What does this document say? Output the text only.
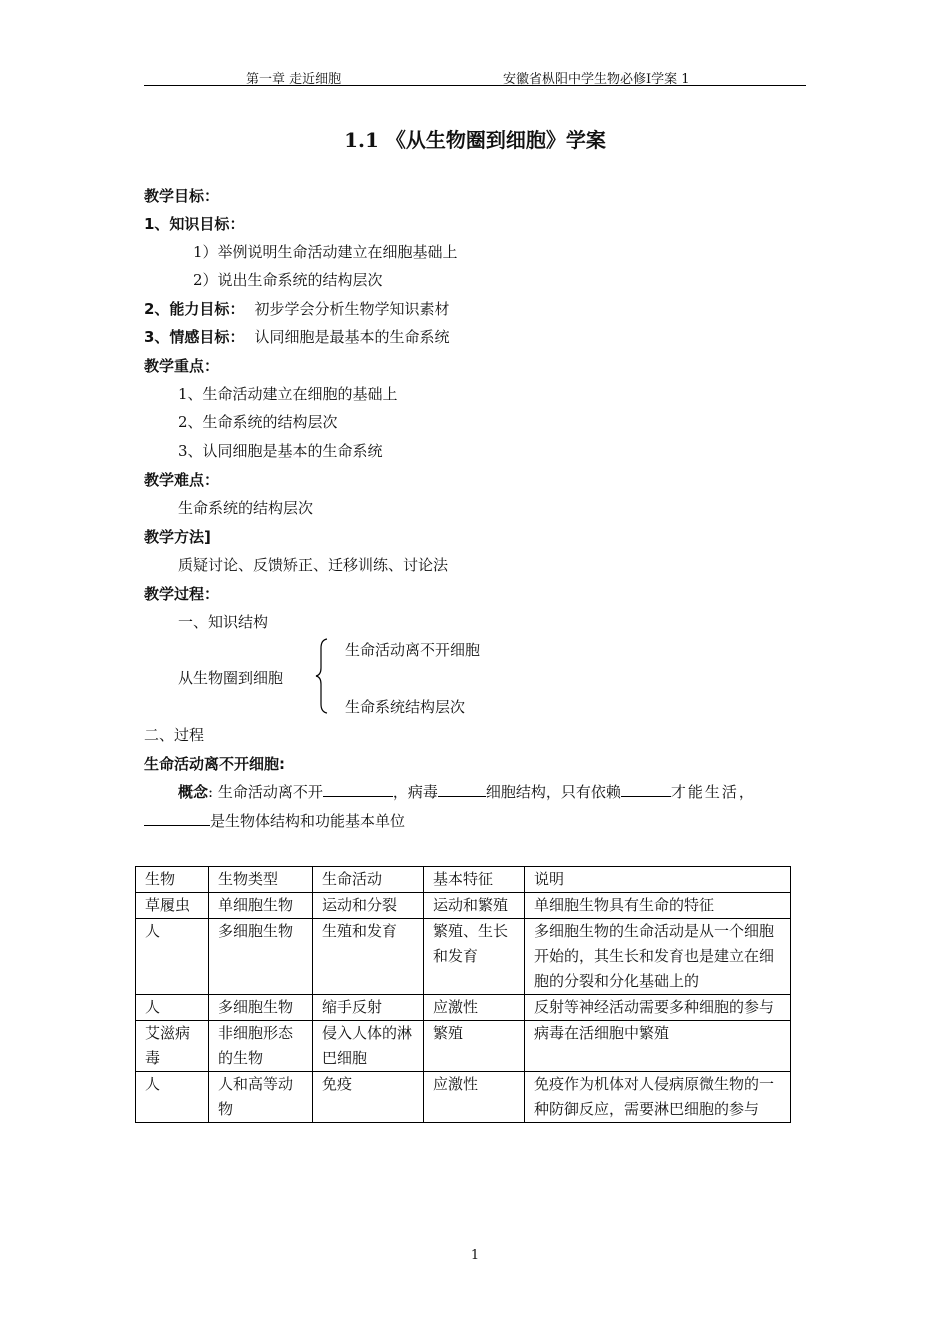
第一章 走近细胞	安徽省枞阳中学生物必修I学案 1
1.1 《从生物圈到细胞》学案
教学目标：
1、知识目标：
1）举例说明生命活动建立在细胞基础上
2）说出生命系统的结构层次
2、能力目标： 初步学会分析生物学知识素材
3、情感目标： 认同细胞是最基本的生命系统
教学重点：
1、生命活动建立在细胞的基础上
2、生命系统的结构层次
3、认同细胞是基本的生命系统
教学难点：
生命系统的结构层次
教学方法]
质疑讨论、反馈矫正、迁移训练、讨论法
教学过程：
一、知识结构
生命活动离不开细胞
从生物圈到细胞
生命系统结构层次
二、过程
生命活动离不开细胞:
概念: 生命活动离不开	，病毒	细胞结构，只有依赖	才能生活，
是生物体结构和功能基本单位
生物	生物类型	生命活动	基本特征	说明
草履虫	单细胞生物	运动和分裂	运动和繁殖	单细胞生物具有生命的特征
人	多细胞生物	生殖和发育	繁殖、生长和发育	多细胞生物的生命活动是从一个细胞开始的，其生长和发育也是建立在细胞的分裂和分化基础上的
人	多细胞生物	缩手反射	应激性	反射等神经活动需要多种细胞的参与
艾滋病毒	非细胞形态的生物	侵入人体的淋巴细胞	繁殖	病毒在活细胞中繁殖
人	人和高等动物	免疫	应激性	免疫作为机体对人侵病原微生物的一种防御反应，需要淋巴细胞的参与
1
